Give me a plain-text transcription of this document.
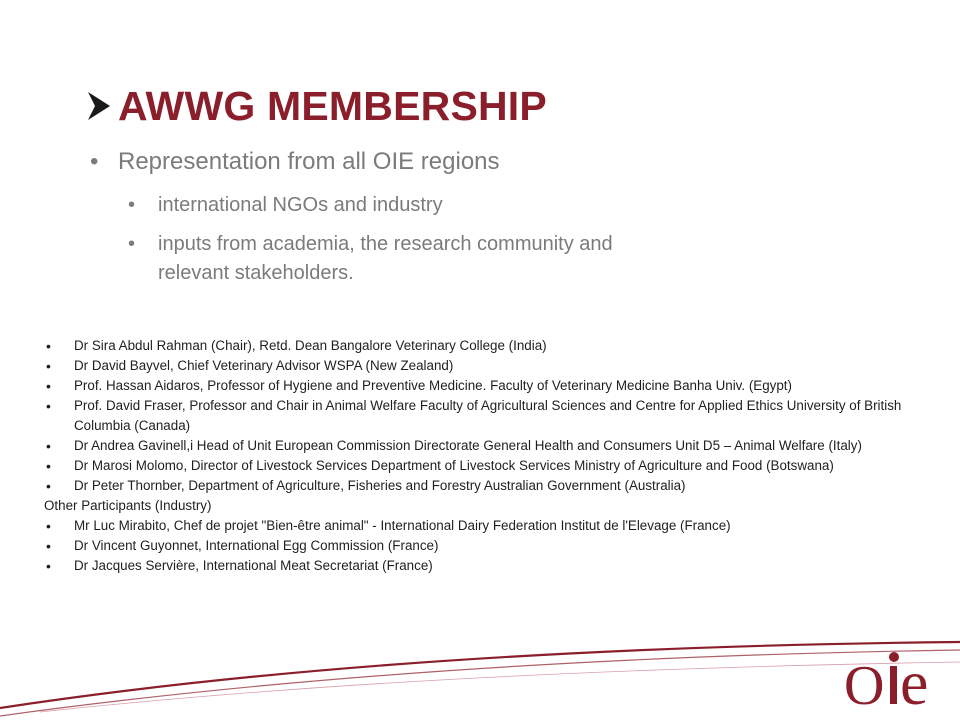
AWWG MEMBERSHIP
• Representation from all OIE regions
• international NGOs and industry
• inputs from academia, the research community and relevant stakeholders.
• Dr Sira Abdul Rahman (Chair), Retd. Dean Bangalore Veterinary College (India)
• Dr David Bayvel, Chief Veterinary Advisor WSPA (New Zealand)
• Prof. Hassan Aidaros, Professor of Hygiene and Preventive Medicine. Faculty of Veterinary Medicine Banha Univ. (Egypt)
• Prof. David Fraser, Professor and Chair in Animal Welfare Faculty of Agricultural Sciences and Centre for Applied Ethics University of British Columbia (Canada)
• Dr Andrea Gavinell,i Head of Unit European Commission Directorate General Health and Consumers Unit D5 – Animal Welfare (Italy)
• Dr Marosi Molomo, Director of Livestock Services Department of Livestock Services Ministry of Agriculture and Food (Botswana)
• Dr Peter Thornber, Department of Agriculture, Fisheries and Forestry Australian Government (Australia)
Other Participants (Industry)
• Mr Luc Mirabito, Chef de projet "Bien-être animal" - International Dairy Federation Institut de l'Elevage (France)
• Dr Vincent Guyonnet, International Egg Commission (France)
• Dr Jacques Servière, International Meat Secretariat (France)
O e
